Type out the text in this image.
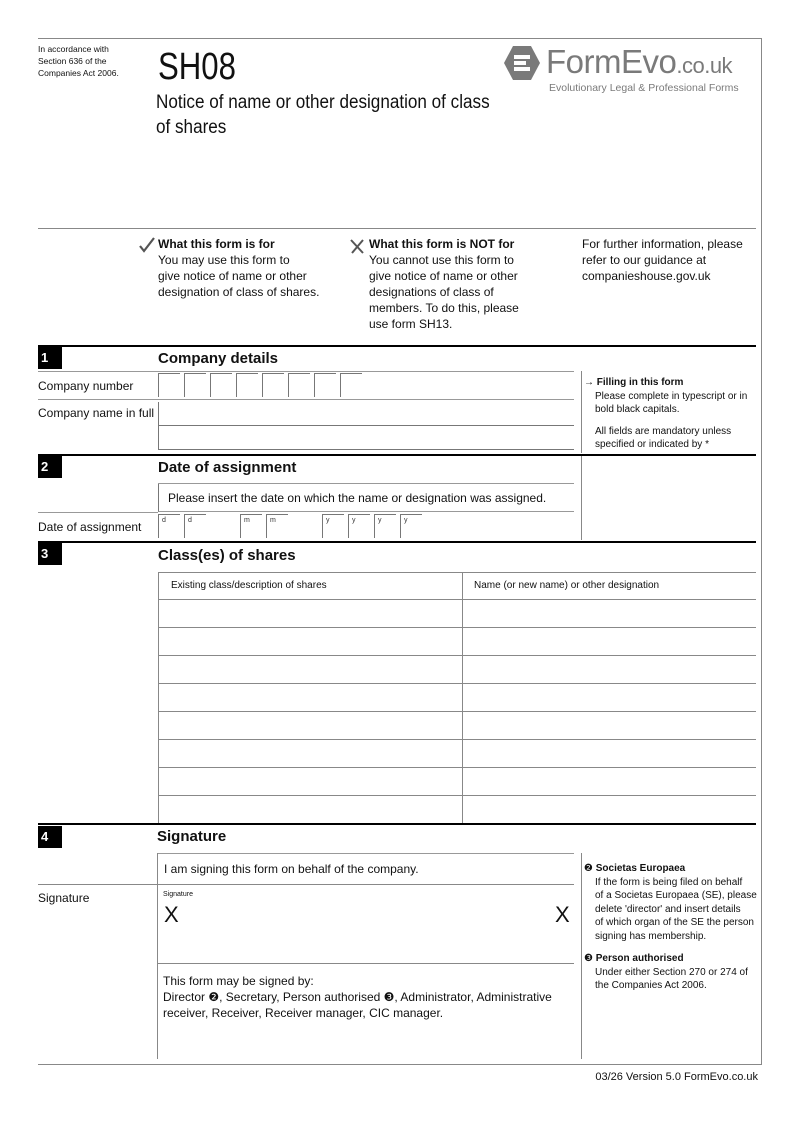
In accordance with
Section 636 of the
Companies Act 2006. SH08
Notice of name or other designation of class
of shares
FormEvo.co.uk
Evolutionary Legal & Professional Forms
What this form is for
You may use this form to
give notice of name or other
designation of class of shares.
What this form is NOT for
You cannot use this form to
give notice of name or other
designations of class of
members. To do this, please
use form SH13.
For further information, please
refer to our guidance at
companieshouse.gov.uk
1	Company details
Company number
Company name in full
→ Filling in this form
Please complete in typescript or in
bold black capitals.
All fields are mandatory unless
specified or indicated by *
2	Date of assignment
Please insert the date on which the name or designation was assigned.
Date of assignment	d	d	m	m	y	y	y	y
3	Class(es) of shares
Existing class/description of shares	Name (or new name) or other designation
4	Signature
I am signing this form on behalf of the company.
Signature	Signature
X	X
This form may be signed by:
Director ❷, Secretary, Person authorised ❸, Administrator, Administrative
receiver, Receiver, Receiver manager, CIC manager.
❷ Societas Europaea
If the form is being filed on behalf
of a Societas Europaea (SE), please
delete 'director' and insert details
of which organ of the SE the person
signing has membership.
❸ Person authorised
Under either Section 270 or 274 of
the Companies Act 2006.
03/26 Version 5.0 FormEvo.co.uk
